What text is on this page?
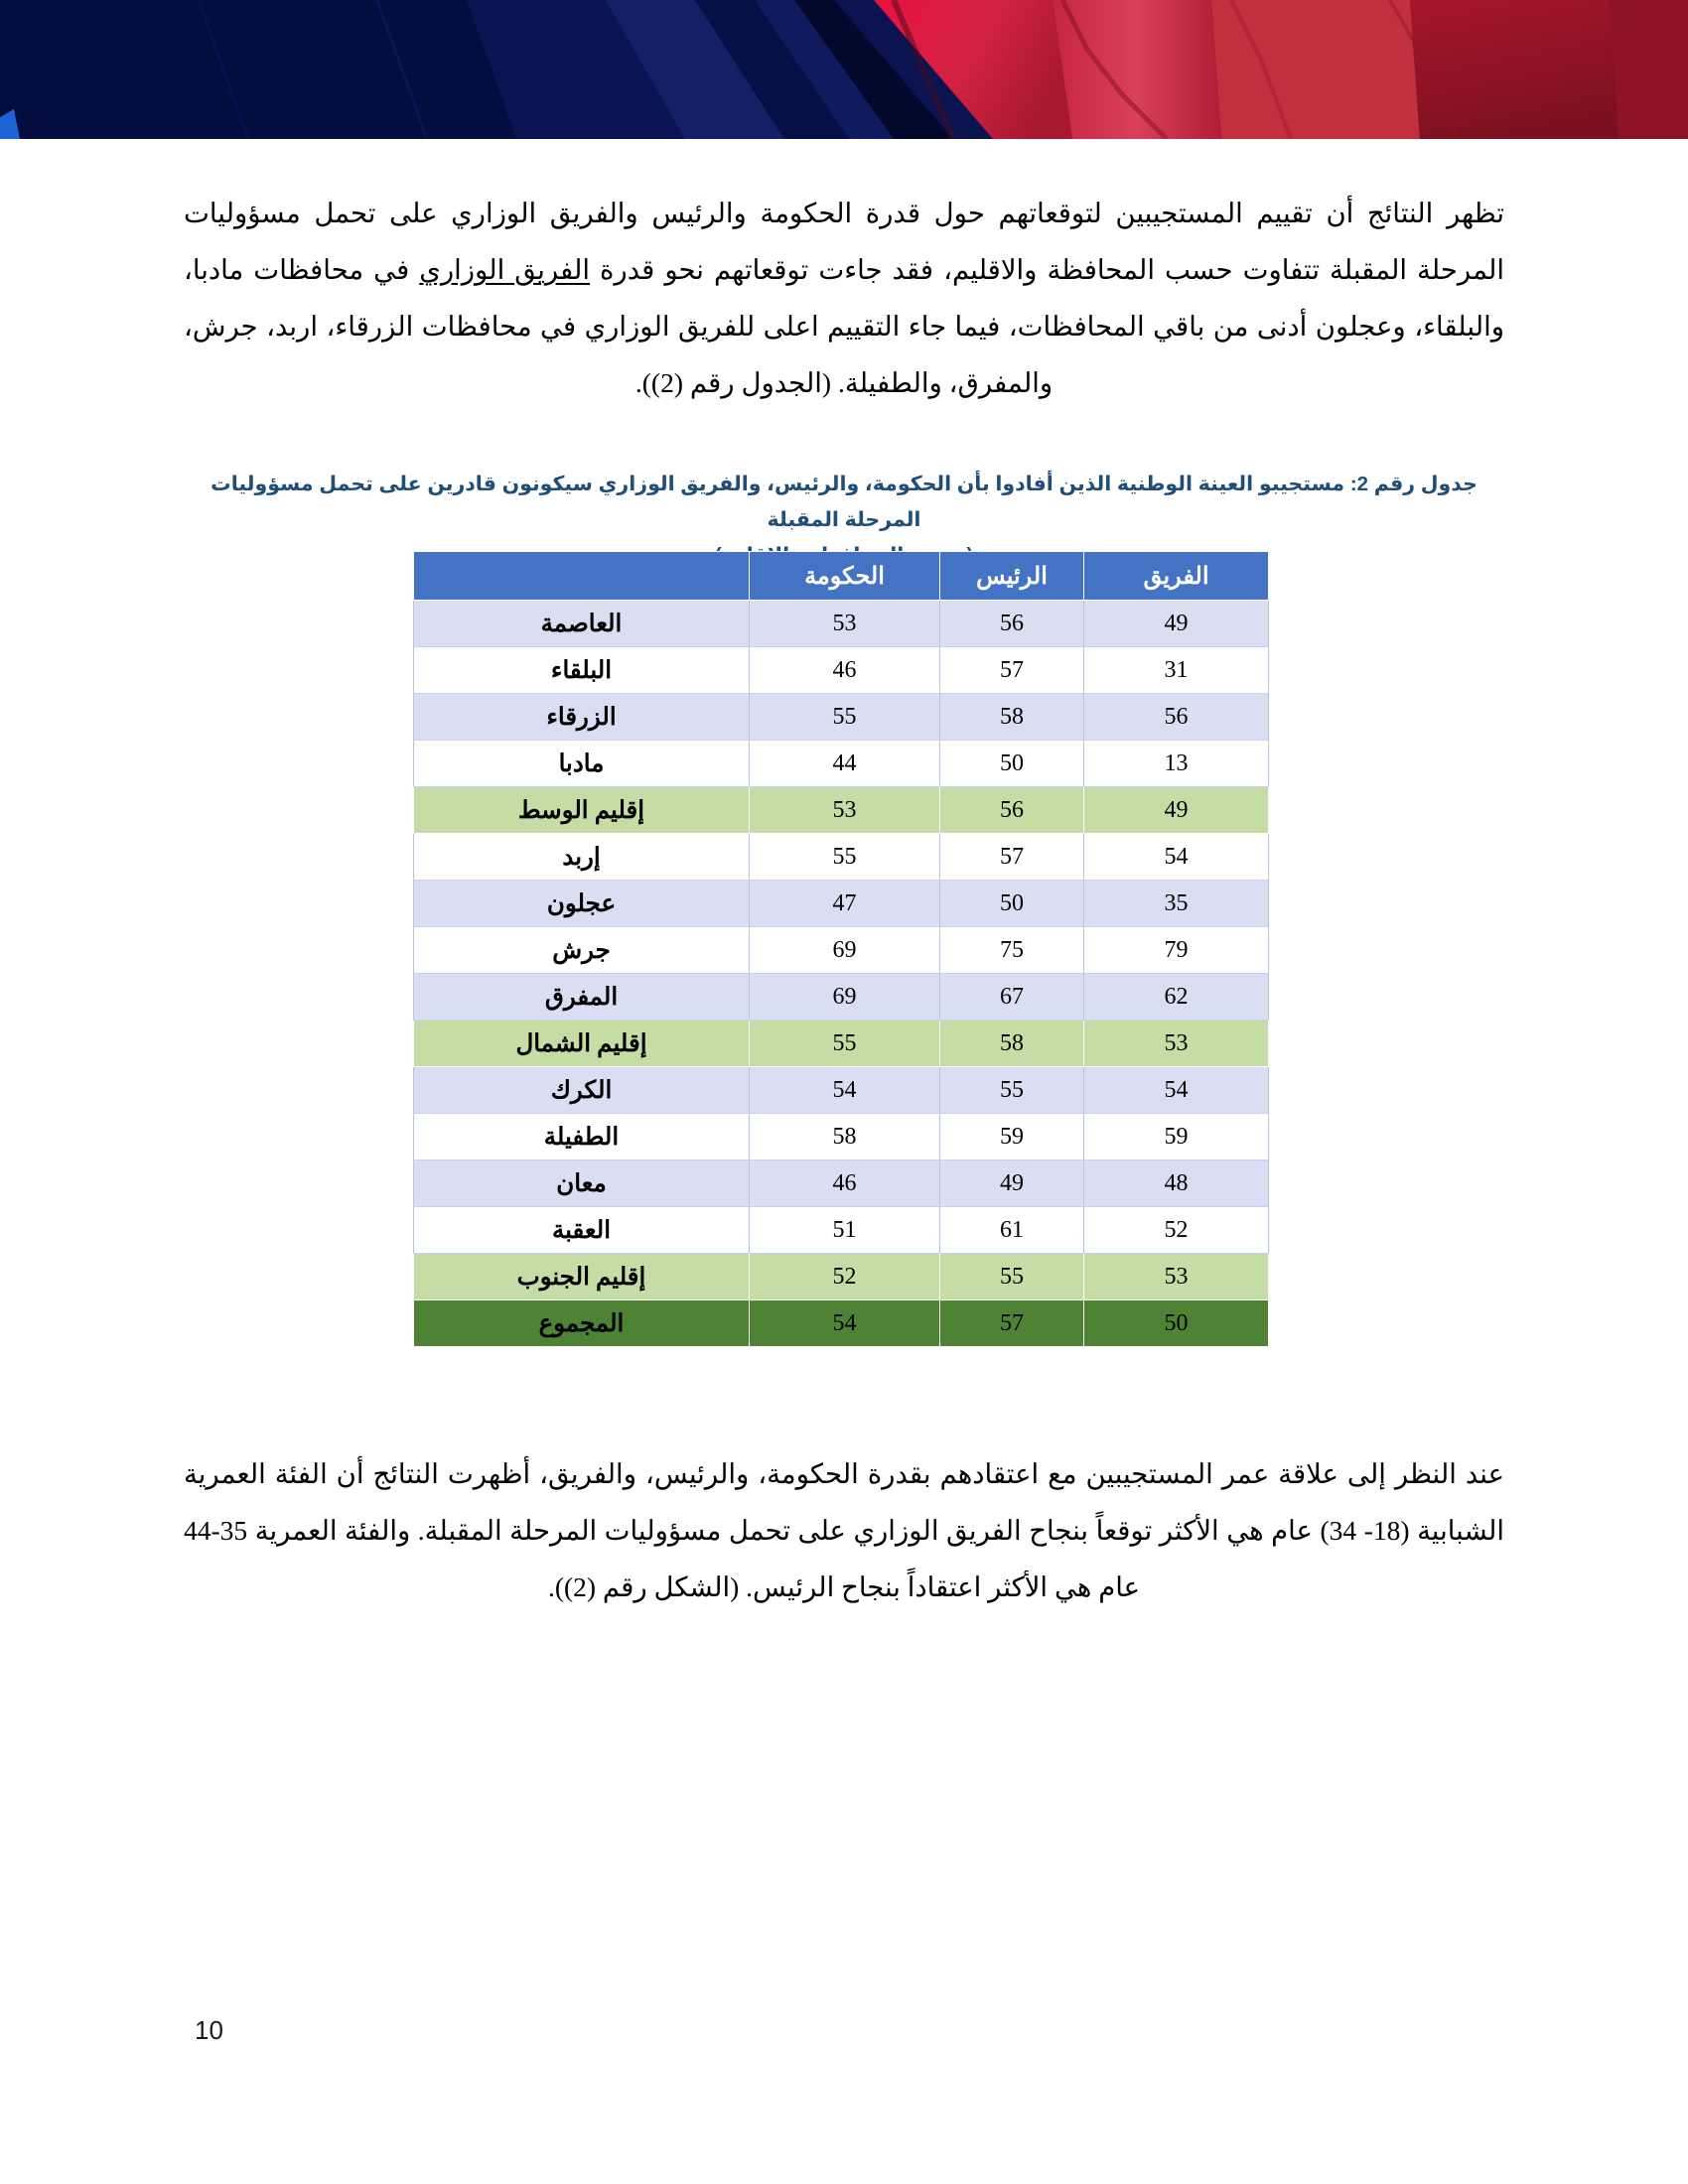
تظهر النتائج أن تقييم المستجيبين لتوقعاتهم حول قدرة الحكومة والرئيس والفريق الوزاري على تحمل مسؤوليات المرحلة المقبلة تتفاوت حسب المحافظة والاقليم، فقد جاءت توقعاتهم نحو قدرة الفريق الوزاري في محافظات مادبا، والبلقاء، وعجلون أدنى من باقي المحافظات، فيما جاء التقييم اعلى للفريق الوزاري في محافظات الزرقاء، اربد، جرش، والمفرق، والطفيلة. (الجدول رقم (2)).

جدول رقم 2: مستجيبو العينة الوطنية الذين أفادوا بأن الحكومة، والرئيس، والفريق الوزاري سيكونون قادرين على تحمل مسؤوليات المرحلة المقبلة
الفريق	الرئيس	الحكومة	
49	56	53	العاصمة
31	57	46	البلقاء
56	58	55	الزرقاء
13	50	44	مادبا
49	56	53	إقليم الوسط
54	57	55	إربد
35	50	47	عجلون
79	75	69	جرش
62	67	69	المفرق
53	58	55	إقليم الشمال
54	55	54	الكرك
59	59	58	الطفيلة
48	49	46	معان
52	61	51	العقبة
53	55	52	إقليم الجنوب
50	57	54	المجموع

عند النظر إلى علاقة عمر المستجيبين مع اعتقادهم بقدرة الحكومة، والرئيس، والفريق، أظهرت النتائج أن الفئة العمرية الشبابية (18- 34) عام هي الأكثر توقعاً بنجاح الفريق الوزاري على تحمل مسؤوليات المرحلة المقبلة. والفئة العمرية 35-44 عام هي الأكثر اعتقاداً بنجاح الرئيس. (الشكل رقم (2)).

10
